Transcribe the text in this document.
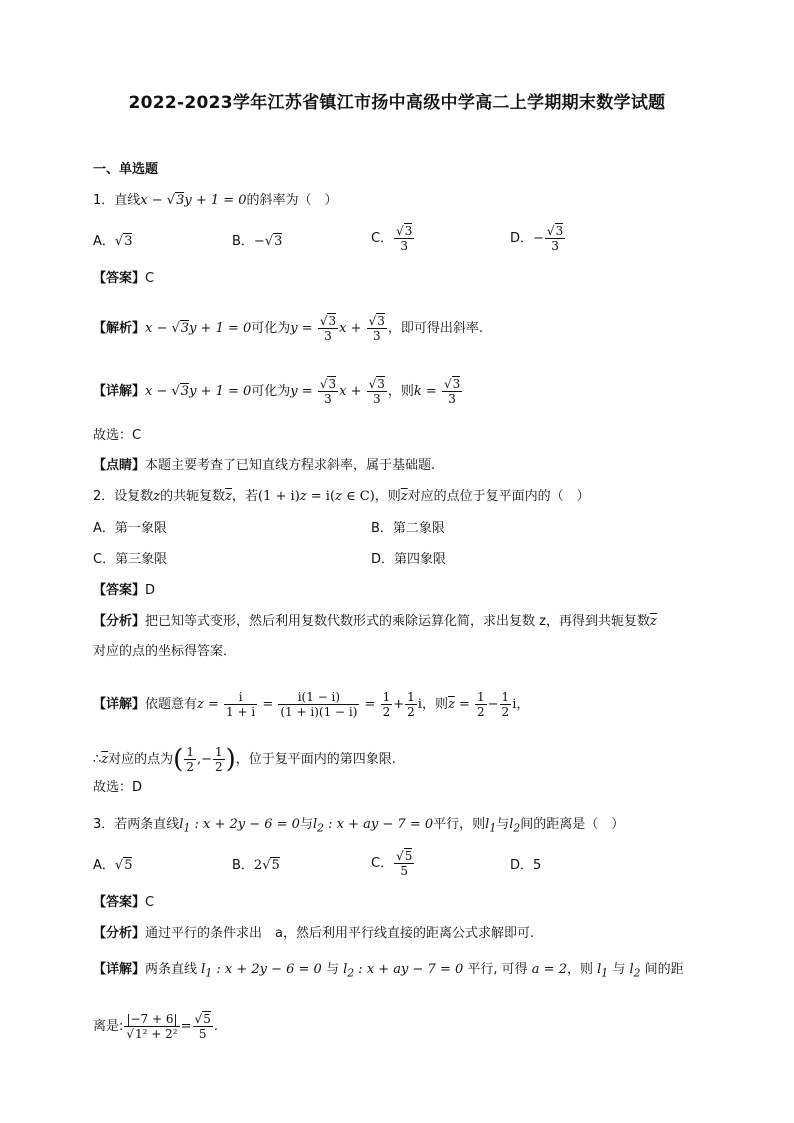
2022-2023学年江苏省镇江市扬中高级中学高二上学期期末数学试题
一、单选题
1．直线x − √3y + 1 = 0的斜率为（　）
A．√3	B．−√3	C． $\frac{√3}{3}$	D．− $\frac{√3}{3}$
【答案】C
【解析】x − √3y + 1 = 0可化为$y = \frac{√3}{3}$ $x + \frac{√3}{3}$ ，即可得出斜率.
【详解】x − √3y + 1 = 0可化为$y = \frac{√3}{3}$ $x + \frac{√3}{3}$ ，则$k = \frac{√3}{3}$
故选：C
【点睛】本题主要考查了已知直线方程求斜率，属于基础题.
2．设复数z的共轭复数$\overline{z}$，若(1 + i)z = i(z ∈ C)，则$\overline{z}$对应的点位于复平面内的（　）
A．第一象限	B．第二象限
C．第三象限	D．第四象限
【答案】D
【分析】把已知等式变形，然后利用复数代数形式的乘除运算化简，求出复数 z，再得到共轭复数$\overline{z}$
对应的点的坐标得答案．
【详解】依题意有$z = \frac{i}{1 + i} = \frac{i(1 - i)}{(1 + i)(1 - i)} = \frac{1}{2} + \frac{1}{2}$ i，则$\overline{z} = \frac{1}{2} - \frac{1}{2}$ i，
$\therefore\overline{z}$对应的点为( $\frac{1}{2}$ ,− $\frac{1}{2}$ )，位于复平面内的第四象限.
故选：D
3．若两条直线$l_1$ : x + 2y − 6 = 0与$l_2$ : x + ay − 7 = 0平行，则$l_1$与$l_2$间的距离是（　）
A．√5	B．2√5	C． $\frac{√5}{5}$	D．5
【答案】C
【分析】通过平行的条件求出　a，然后利用平行线直接的距离公式求解即可.
【详解】两条直线 $l_1$ : x + 2y − 6 = 0 与 $l_2$ : x + ay − 7 = 0 平行, 可得 a = 2，则 $l_1$ 与 $l_2$ 间的距
离是: $\frac{|-7 + 6|}{\text{√1² + 2²}} = \frac{√5}{5}$ .
